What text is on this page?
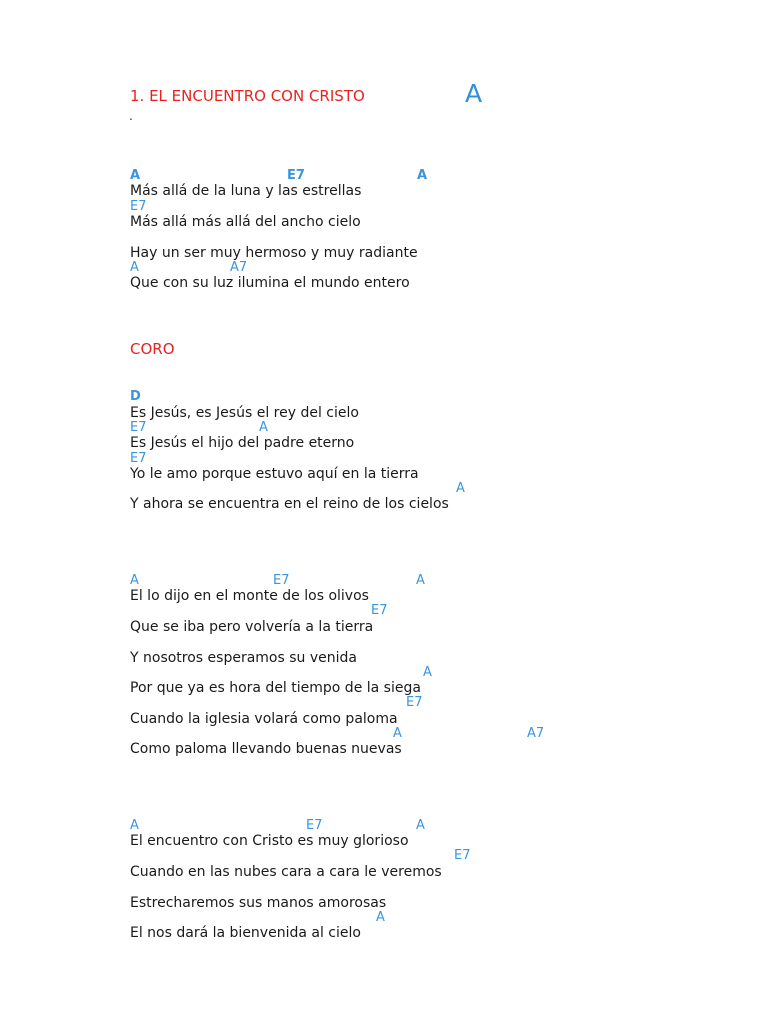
1. EL ENCUENTRO CON CRISTO	A
.
A	E7	A
Más allá de la luna y las estrellas
E7
Más allá más allá del ancho cielo
Hay un ser muy hermoso y muy radiante
A	A7
Que con su luz ilumina el mundo entero
CORO
D
Es Jesús, es Jesús el rey del cielo
E7	A
Es Jesús el hijo del padre eterno
E7
Yo le amo porque estuvo aquí en la tierra
A
Y ahora se encuentra en el reino de los cielos
A	E7	A
El lo dijo en el monte de los olivos
E7
Que se iba pero volvería a la tierra
Y nosotros esperamos su venida
A
Por que ya es hora del tiempo de la siega
E7
Cuando la iglesia volará como paloma
A	A7
Como paloma llevando buenas nuevas
A	E7	A
El encuentro con Cristo es muy glorioso
E7
Cuando en las nubes cara a cara le veremos
Estrecharemos sus manos amorosas
A
El nos dará la bienvenida al cielo
